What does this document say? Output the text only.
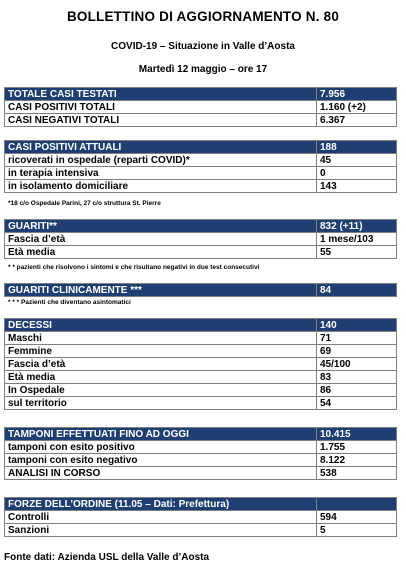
BOLLETTINO DI AGGIORNAMENTO N. 80
COVID-19 – Situazione in Valle d’Aosta
Martedì 12 maggio – ore 17
TOTALE CASI TESTATI	7.956
CASI POSITIVI TOTALI	1.160 (+2)
CASI NEGATIVI TOTALI	6.367
CASI POSITIVI ATTUALI	188
ricoverati in ospedale (reparti COVID)*	45
in terapia intensiva	0
in isolamento domiciliare	143
*18 c/o Ospedale Parini, 27 c/o struttura St. Pierre
GUARITI**	832 (+11)
Fascia d’età	1 mese/103
Età media	55
* * pazienti che risolvono i sintomi e che risultano negativi in due test consecutivi
GUARITI CLINICAMENTE ***	84
* * * Pazienti che diventano asintomatici
DECESSI	140
Maschi	71
Femmine	69
Fascia d’età	45/100
Età media	83
In Ospedale	86
sul territorio	54
TAMPONI EFFETTUATI FINO AD OGGI	10.415
tamponi con esito positivo	1.755
tamponi con esito negativo	8.122
ANALISI IN CORSO	538
FORZE DELL’ORDINE (11.05 – Dati: Prefettura)	
Controlli	594
Sanzioni	5
Fonte dati: Azienda USL della Valle d’Aosta
